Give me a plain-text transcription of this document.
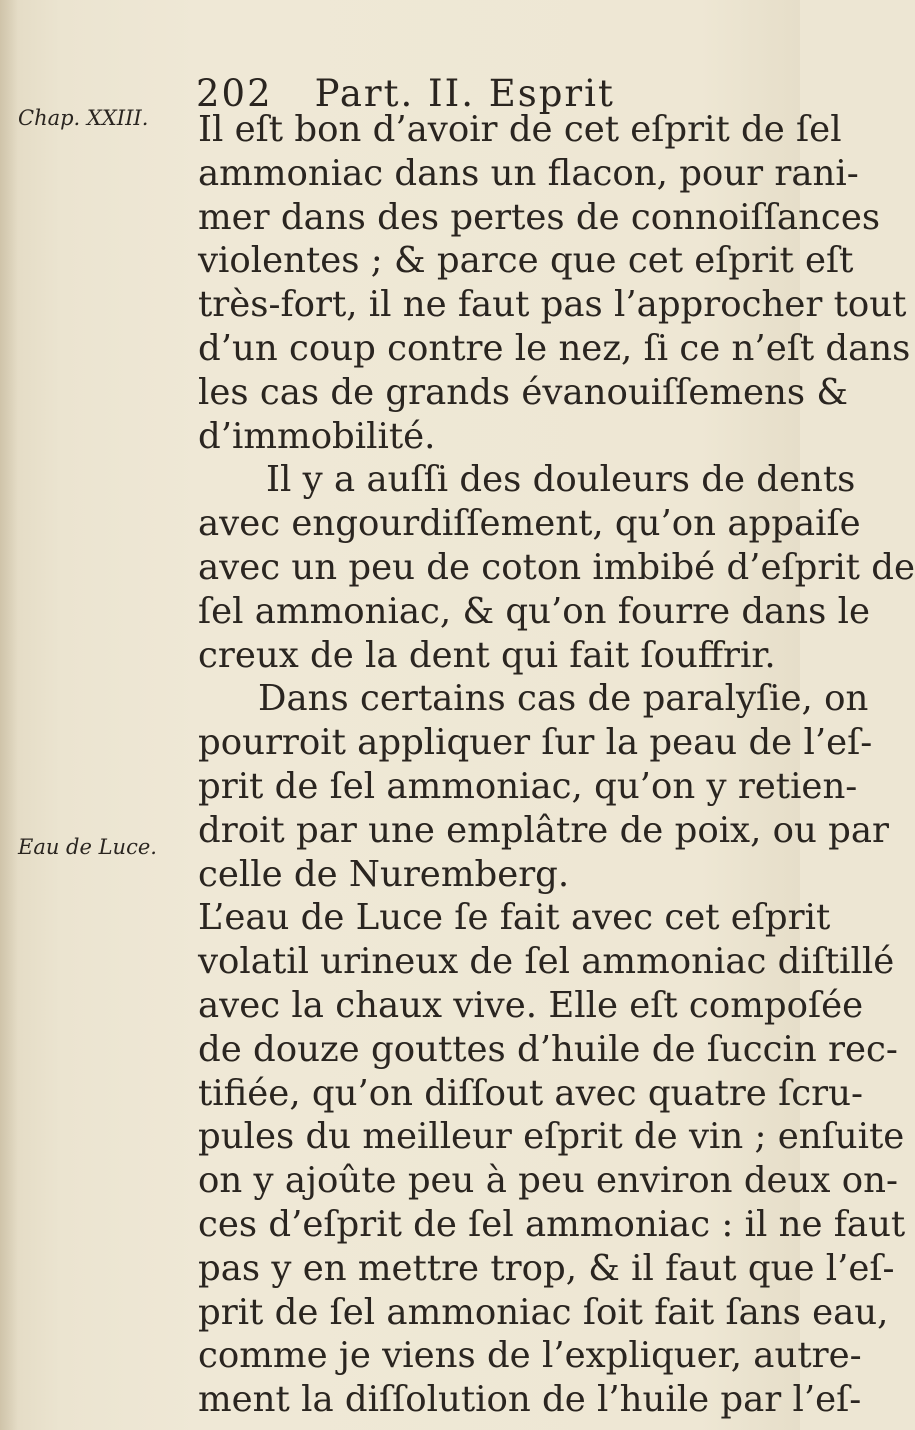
202 Part. II. Esprit
Chap. XXIII.
Eau de Luce.
Il eſt bon d’avoir de cet eſprit de ſel
ammoniac dans un flacon, pour rani-
mer dans des pertes de connoiſſances
violentes ; & parce que cet eſprit eſt
très-fort, il ne faut pas l’approcher tout
d’un coup contre le nez, ſi ce n’eſt dans
les cas de grands évanouiſſemens &
d’immobilité.
Il y a auſſi des douleurs de dents
avec engourdiſſement, qu’on appaiſe
avec un peu de coton imbibé d’eſprit de
ſel ammoniac, & qu’on fourre dans le
creux de la dent qui fait ſouffrir.
Dans certains cas de paralyſie, on
pourroit appliquer ſur la peau de l’eſ-
prit de ſel ammoniac, qu’on y retien-
droit par une emplâtre de poix, ou par
celle de Nuremberg.
L’eau de Luce ſe fait avec cet eſprit
volatil urineux de ſel ammoniac diſtillé
avec la chaux vive. Elle eſt compoſée
de douze gouttes d’huile de ſuccin rec-
tifiée, qu’on diſſout avec quatre ſcru-
pules du meilleur eſprit de vin ; enſuite
on y ajoûte peu à peu environ deux on-
ces d’eſprit de ſel ammoniac : il ne faut
pas y en mettre trop, & il faut que l’eſ-
prit de ſel ammoniac ſoit fait ſans eau,
comme je viens de l’expliquer, autre-
ment la diſſolution de l’huile par l’eſ-
